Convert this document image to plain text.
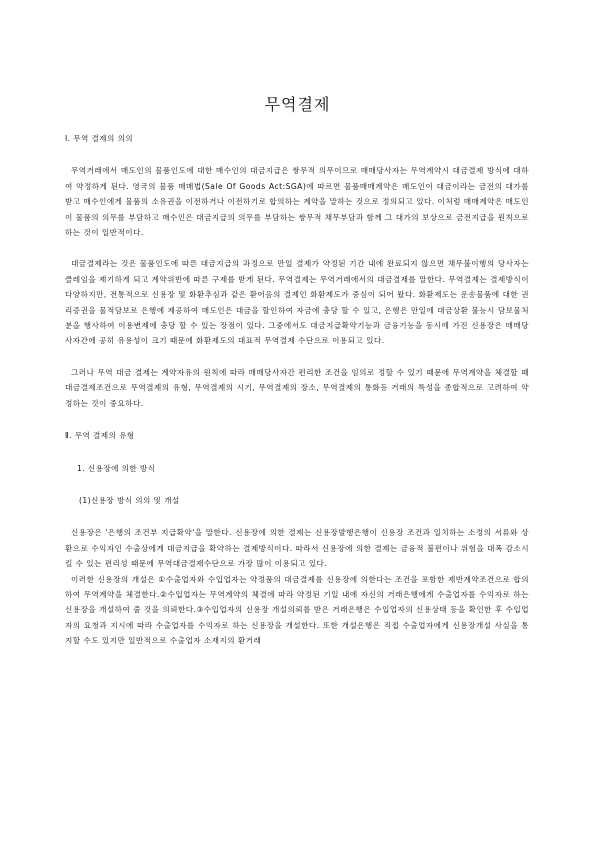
무역결제
Ⅰ. 무역 결제의 의의

무역거래에서 매도인의 물품인도에 대한 매수인의 대금지급은 쌍무적 의무이므로 매매당사자는 무역계약시 대금결제 방식에 대하여 약정하게 된다. 영국의 물품 매매법(Sale Of Goods Act:SGA)에 따르면 물품매매계약은 매도인이 대금이라는 금전의 대가를 받고 매수인에게 물품의 소유권을 이전하거나 이전하기로 합의하는 계약을 말하는 것으로 정의되고 있다. 이처럼 매매계약은 매도인이 물품의 의무를 부담하고 매수인은 대금지급의 의무를 부담하는 쌍무적 채무부담과 함께 그 대가의 보상으로 금전지급을 원칙으로 하는 것이 일반적이다.

대금결제라는 것은 물품인도에 따른 대금지급의 과정으로 만일 결제가 약정된 기간 내에 완료되지 않으면 채무불이행의 당사자는 클레임을 제기하게 되고 계약위반에 따른 구제를 받게 된다. 무역결제는 무역거래에서의 대금결제를 말한다. 무역결제는 결제방식이 다양하지만, 전통적으로 신용장 및 화환추심과 같은 환어음의 결제인 화환제도가 중심이 되어 왔다. 화환제도는 운송물품에 대한 권리증권을 물적담보로 은행에 제공하여 매도인은 대금을 할인하여 자금에 충당 할 수 있고, 은행은 만일에 대금상환 불능시 담보물처분을 행사하여 이용변제에 충당 할 수 있는 장점이 있다. 그중에서도 대금지급확약기능과 금융기능을 동시에 가진 신용장은 매매당사자간에 공히 유용성이 크기 때문에 화환제도의 대표적 무역결제 수단으로 이용되고 있다.

그러나 무역 대금 결제는 계약자유의 원칙에 따라 매매당사자간 편리한 조건을 임의로 정할 수 있기 때문에 무역계약을 체결할 때 대금결제조건으로 무역결제의 유형, 무역결제의 시기, 무역결제의 장소, 무역결제의 통화등 거래의 특성을 종합적으로 고려하여 약정하는 것이 중요하다.

Ⅱ. 무역 결제의 유형
1. 신용장에 의한 방식
(1)신용장 방식 의의 및 개설

신용장은 '은행의 조건부 지급확약'을 말한다. 신용장에 의한 결제는 신용장발행은행이 신용장 조건과 일치하는 소정의 서류와 상환으로 수익자인 수출상에게 대금지급을 확약하는 결제방식이다. 따라서 신용장에 의한 결제는 금융적 불편이나 위험을 대폭 감소시킬 수 있는 편리성 때문에 무역대금결제수단으로 가장 많이 이용되고 있다.

이러한 신용장의 개설은 ①수출업자와 수입업자는 약정품의 대금결제를 신용장에 의한다는 조건을 포함한 제반계약조건으로 합의하여 무역계약을 체결한다.②수입업자는 무역계약의 체결에 따라 약정된 기일 내에 자신의 거래은행에게 수출업자를 수익자로 하는 신용장을 개설하여 줄 것을 의뢰한다.③수입업자의 신용장 개설의뢰를 받은 거래은행은 수입업자의 신용상태 등을 확인한 후 수입업자의 요청과 지시에 따라 수출업자를 수익자로 하는 신용장을 개설한다. 또한 개설은행은 직접 수출업자에게 신용장개설 사실을 통지할 수도 있지만 일반적으로 수출업자 소재지의 환거래
